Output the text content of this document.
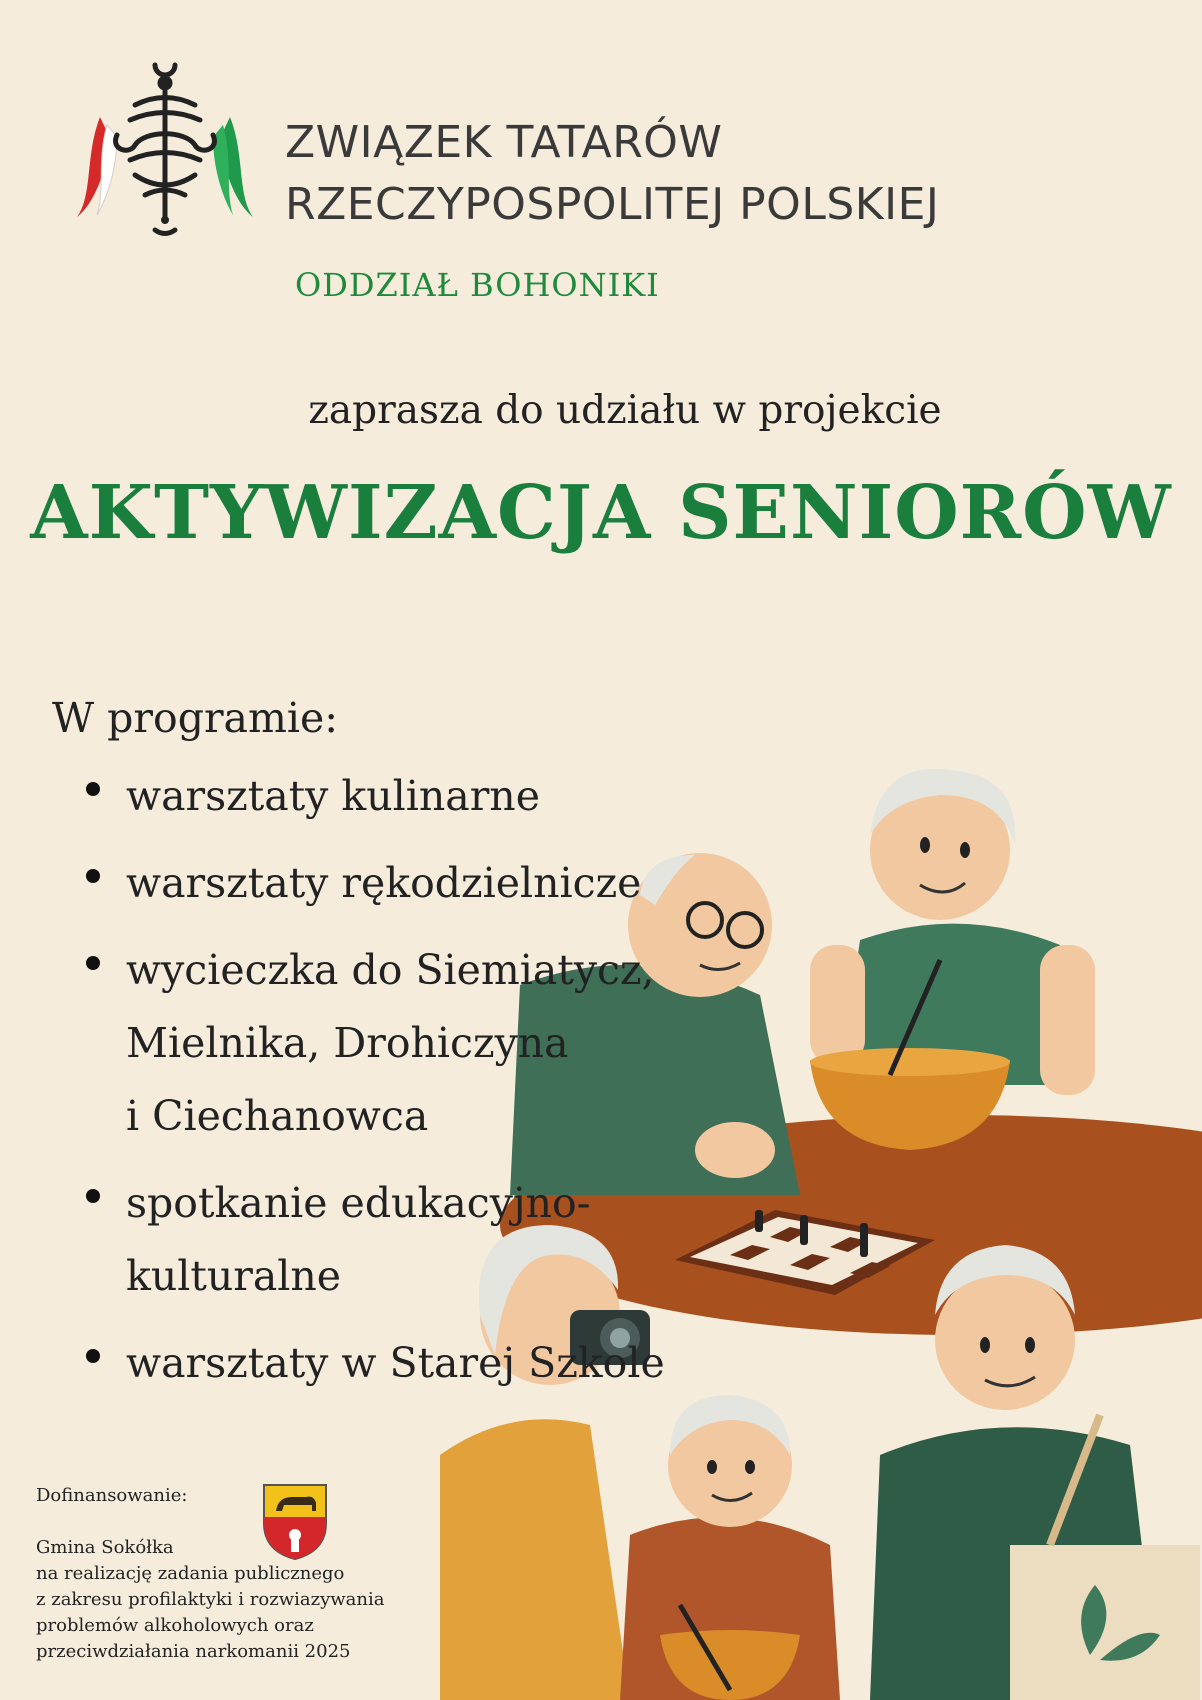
ZWIĄZEK TATARÓW
RZECZYPOSPOLITEJ POLSKIEJ
ODDZIAŁ BOHONIKI
zaprasza do udziału w projekcie
AKTYWIZACJA SENIORÓW
W programie:
warsztaty kulinarne
warsztaty rękodzielnicze
wycieczka do Siemiatycz,
Mielnika, Drohiczyna
i Ciechanowca
spotkanie edukacyjno-
kulturalne
warsztaty w Starej Szkole
Dofinansowanie:
Gmina Sokółka
na realizację zadania publicznego
z zakresu profilaktyki i rozwiazywania
problemów alkoholowych oraz
przeciwdziałania narkomanii 2025
